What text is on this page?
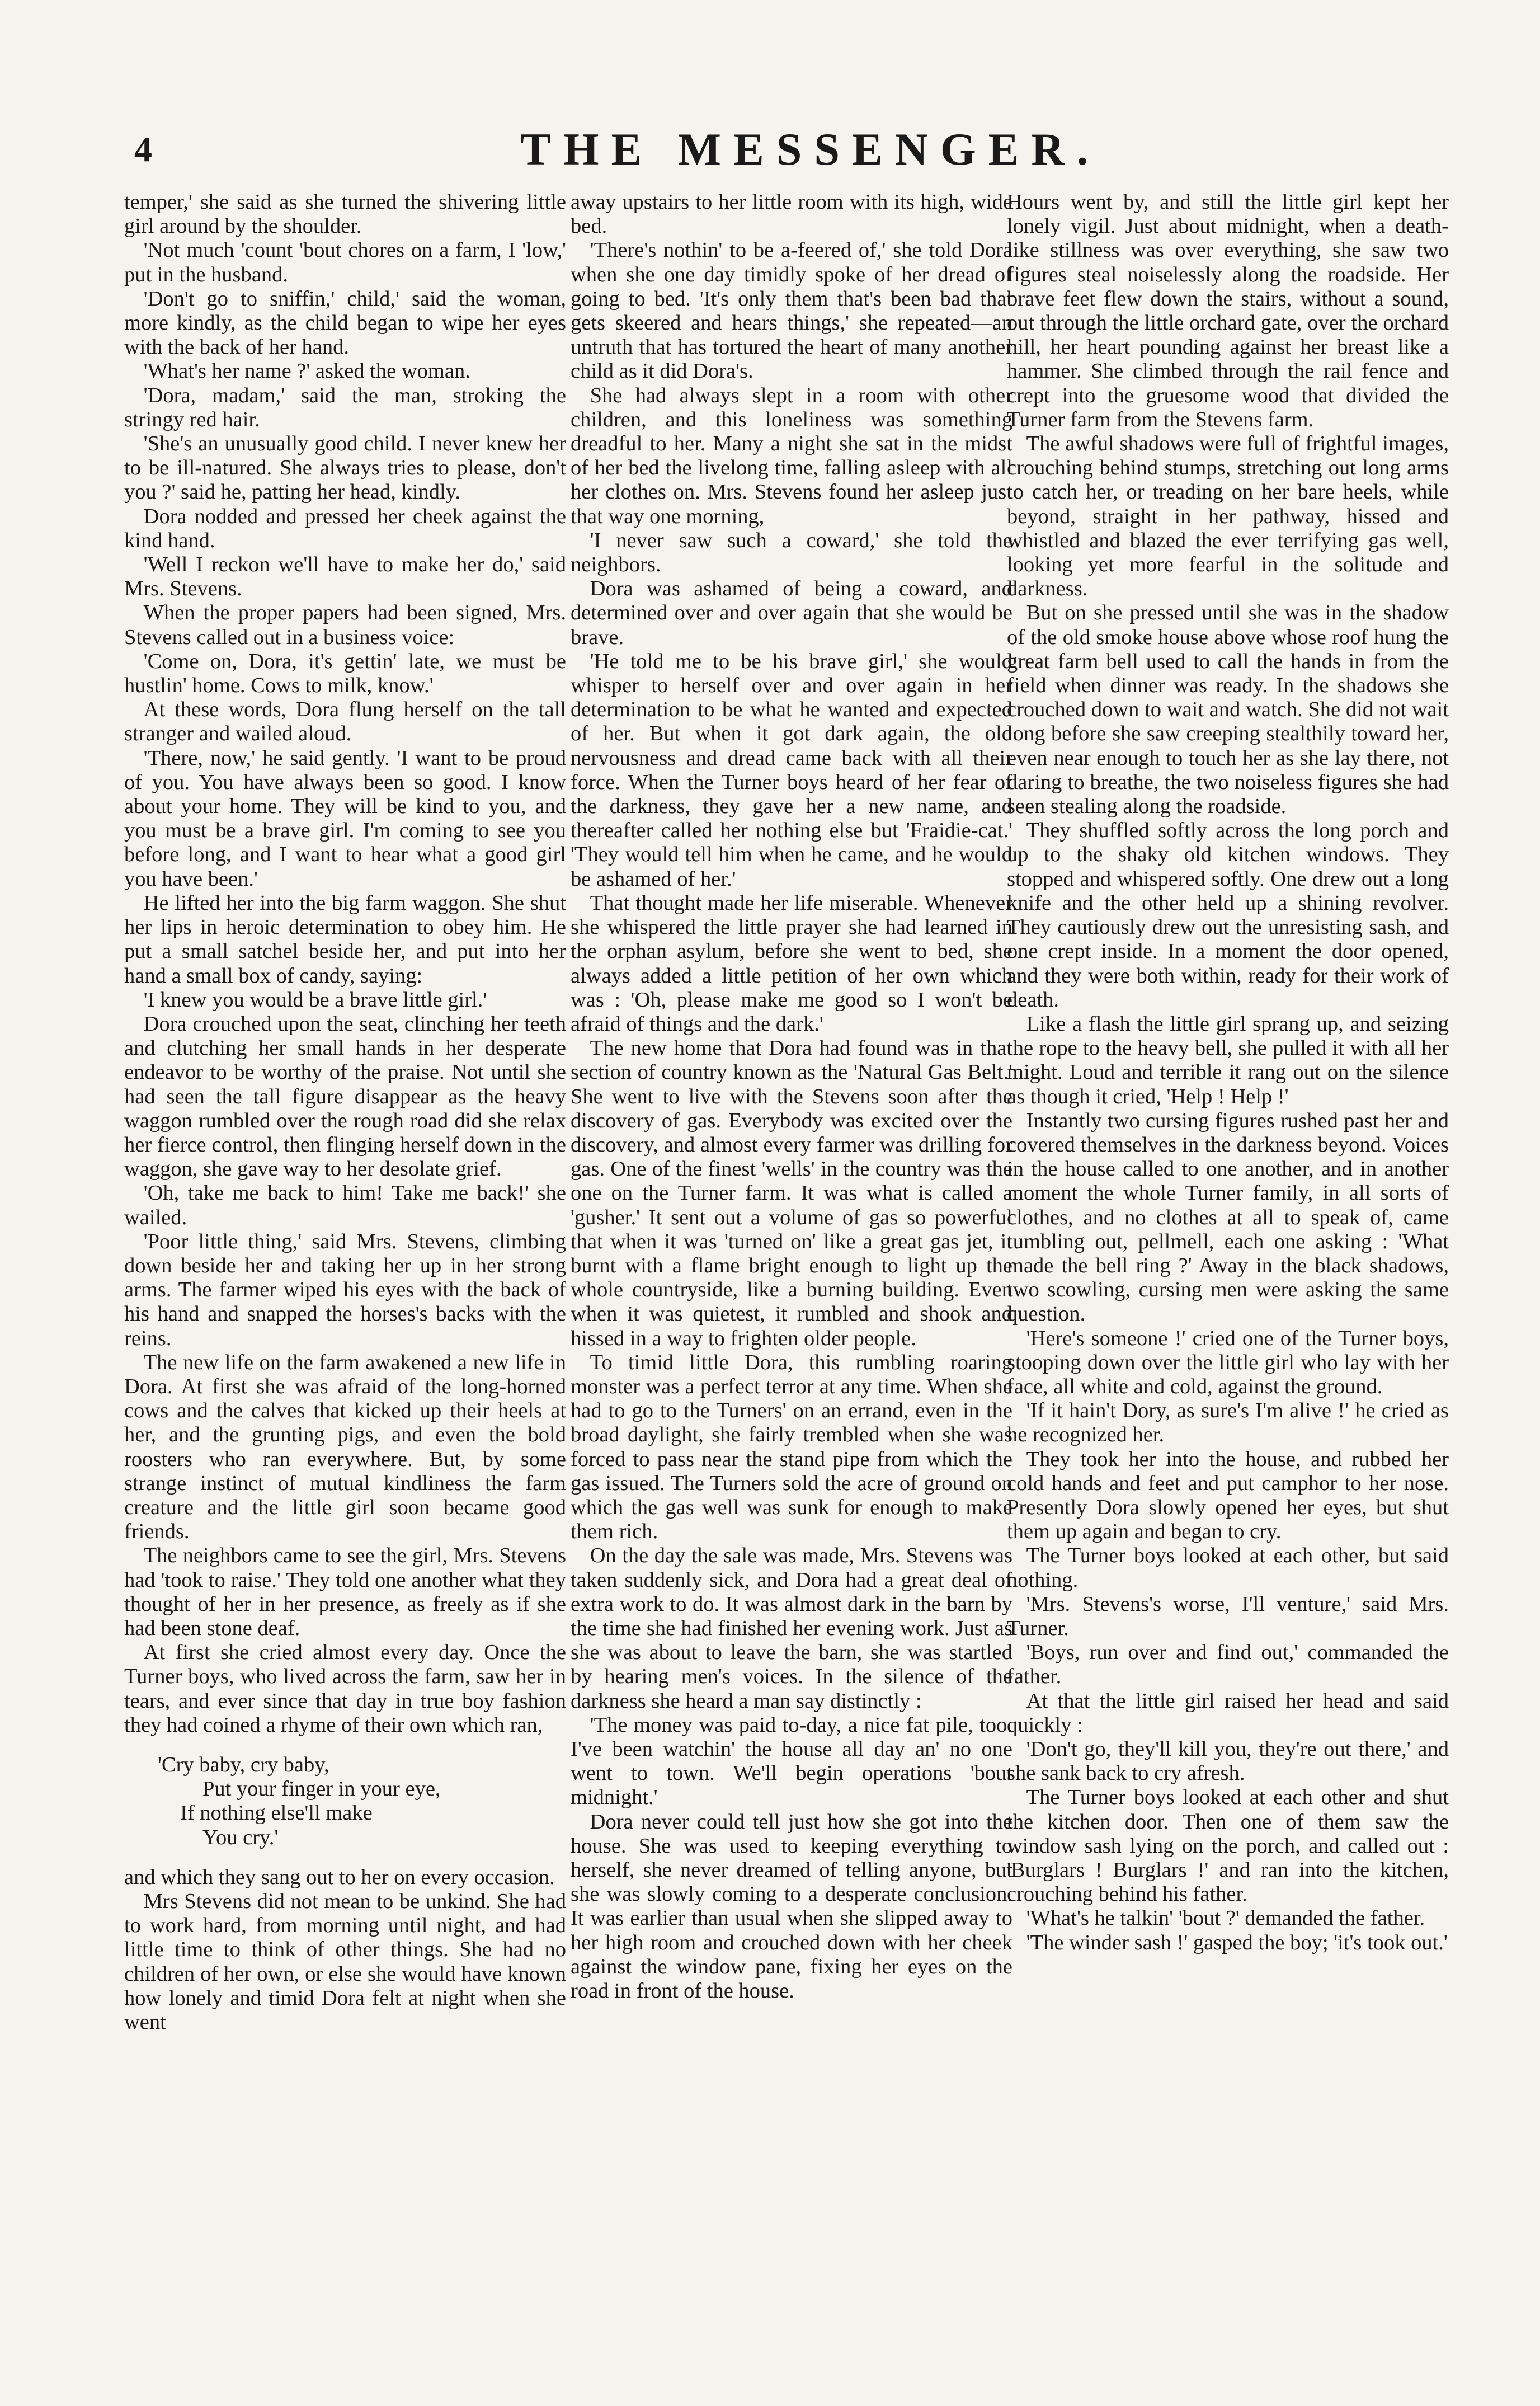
4	THE MESSENGER.

temper,' she said as she turned the shivering little girl around by the shoulder.

'Not much 'count 'bout chores on a farm, I 'low,' put in the husband.

'Don't go to sniffin,' child,' said the woman, more kindly, as the child began to wipe her eyes with the back of her hand.

'What's her name ?' asked the woman.

'Dora, madam,' said the man, stroking the stringy red hair.

'She's an unusually good child. I never knew her to be ill-natured. She always tries to please, don't you ?' said he, patting her head, kindly.

Dora nodded and pressed her cheek against the kind hand.

'Well I reckon we'll have to make her do,' said Mrs. Stevens.

When the proper papers had been signed, Mrs. Stevens called out in a business voice:

'Come on, Dora, it's gettin' late, we must be hustlin' home. Cows to milk, know.'

At these words, Dora flung herself on the tall stranger and wailed aloud.

'There, now,' he said gently. 'I want to be proud of you. You have always been so good. I know about your home. They will be kind to you, and you must be a brave girl. I'm coming to see you before long, and I want to hear what a good girl you have been.'

He lifted her into the big farm waggon. She shut her lips in heroic determination to obey him. He put a small satchel beside her, and put into her hand a small box of candy, saying:

'I knew you would be a brave little girl.'

Dora crouched upon the seat, clinching her teeth and clutching her small hands in her desperate endeavor to be worthy of the praise. Not until she had seen the tall figure disappear as the heavy waggon rumbled over the rough road did she relax her fierce control, then flinging herself down in the waggon, she gave way to her desolate grief.

'Oh, take me back to him! Take me back!' she wailed.

'Poor little thing,' said Mrs. Stevens, climbing down beside her and taking her up in her strong arms. The farmer wiped his eyes with the back of his hand and snapped the horses's backs with the reins.

The new life on the farm awakened a new life in Dora. At first she was afraid of the long-horned cows and the calves that kicked up their heels at her, and the grunting pigs, and even the bold roosters who ran everywhere. But, by some strange instinct of mutual kindliness the farm creature and the little girl soon became good friends.

The neighbors came to see the girl, Mrs. Stevens had 'took to raise.' They told one another what they thought of her in her presence, as freely as if she had been stone deaf.

At first she cried almost every day. Once the Turner boys, who lived across the farm, saw her in tears, and ever since that day in true boy fashion they had coined a rhyme of their own which ran,

'Cry baby, cry baby,
Put your finger in your eye,
If nothing else'll make
You cry.'

and which they sang out to her on every occasion.

Mrs Stevens did not mean to be unkind. She had to work hard, from morning until night, and had little time to think of other things. She had no children of her own, or else she would have known how lonely and timid Dora felt at night when she went

away upstairs to her little room with its high, wide bed.

'There's nothin' to be a-feered of,' she told Dora when she one day timidly spoke of her dread of going to bed. 'It's only them that's been bad that gets skeered and hears things,' she repeated—an untruth that has tortured the heart of many another child as it did Dora's.

She had always slept in a room with other children, and this loneliness was something dreadful to her. Many a night she sat in the midst of her bed the livelong time, falling asleep with all her clothes on. Mrs. Stevens found her asleep just that way one morning,

'I never saw such a coward,' she told the neighbors.

Dora was ashamed of being a coward, and determined over and over again that she would be brave.

'He told me to be his brave girl,' she would whisper to herself over and over again in her determination to be what he wanted and expected of her. But when it got dark again, the old nervousness and dread came back with all their force. When the Turner boys heard of her fear of the darkness, they gave her a new name, and thereafter called her nothing else but 'Fraidie-cat.' 'They would tell him when he came, and he would be ashamed of her.'

That thought made her life miserable. Whenever she whispered the little prayer she had learned in the orphan asylum, before she went to bed, she always added a little petition of her own which was : 'Oh, please make me good so I won't be afraid of things and the dark.'

The new home that Dora had found was in that section of country known as the 'Natural Gas Belt.' She went to live with the Stevens soon after the discovery of gas. Everybody was excited over the discovery, and almost every farmer was drilling for gas. One of the finest 'wells' in the country was the one on the Turner farm. It was what is called a 'gusher.' It sent out a volume of gas so powerful that when it was 'turned on' like a great gas jet, it burnt with a flame bright enough to light up the whole countryside, like a burning building. Even when it was quietest, it rumbled and shook and hissed in a way to frighten older people.

To timid little Dora, this rumbling roaring monster was a perfect terror at any time. When she had to go to the Turners' on an errand, even in the broad daylight, she fairly trembled when she was forced to pass near the stand pipe from which the gas issued. The Turners sold the acre of ground on which the gas well was sunk for enough to make them rich.

On the day the sale was made, Mrs. Stevens was taken suddenly sick, and Dora had a great deal of extra work to do. It was almost dark in the barn by the time she had finished her evening work. Just as she was about to leave the barn, she was startled by hearing men's voices. In the silence of the darkness she heard a man say distinctly :

'The money was paid to-day, a nice fat pile, too. I've been watchin' the house all day an' no one went to town. We'll begin operations 'bout midnight.'

Dora never could tell just how she got into the house. She was used to keeping everything to herself, she never dreamed of telling anyone, but she was slowly coming to a desperate conclusion. It was earlier than usual when she slipped away to her high room and crouched down with her cheek against the window pane, fixing her eyes on the road in front of the house.

Hours went by, and still the little girl kept her lonely vigil. Just about midnight, when a death-like stillness was over everything, she saw two figures steal noiselessly along the roadside. Her brave feet flew down the stairs, without a sound, out through the little orchard gate, over the orchard hill, her heart pounding against her breast like a hammer. She climbed through the rail fence and crept into the gruesome wood that divided the Turner farm from the Stevens farm.

The awful shadows were full of frightful images, crouching behind stumps, stretching out long arms to catch her, or treading on her bare heels, while beyond, straight in her pathway, hissed and whistled and blazed the ever terrifying gas well, looking yet more fearful in the solitude and darkness.

But on she pressed until she was in the shadow of the old smoke house above whose roof hung the great farm bell used to call the hands in from the field when dinner was ready. In the shadows she crouched down to wait and watch. She did not wait long before she saw creeping stealthily toward her, even near enough to touch her as she lay there, not daring to breathe, the two noiseless figures she had seen stealing along the roadside.

They shuffled softly across the long porch and up to the shaky old kitchen windows. They stopped and whispered softly. One drew out a long knife and the other held up a shining revolver. They cautiously drew out the unresisting sash, and one crept inside. In a moment the door opened, and they were both within, ready for their work of death.

Like a flash the little girl sprang up, and seizing the rope to the heavy bell, she pulled it with all her might. Loud and terrible it rang out on the silence as though it cried, 'Help ! Help !'

Instantly two cursing figures rushed past her and covered themselves in the darkness beyond. Voices in the house called to one another, and in another moment the whole Turner family, in all sorts of clothes, and no clothes at all to speak of, came tumbling out, pellmell, each one asking : 'What made the bell ring ?' Away in the black shadows, two scowling, cursing men were asking the same question.

'Here's someone !' cried one of the Turner boys, stooping down over the little girl who lay with her face, all white and cold, against the ground.

'If it hain't Dory, as sure's I'm alive !' he cried as he recognized her.

They took her into the house, and rubbed her cold hands and feet and put camphor to her nose. Presently Dora slowly opened her eyes, but shut them up again and began to cry.

The Turner boys looked at each other, but said nothing.

'Mrs. Stevens's worse, I'll venture,' said Mrs. Turner.

'Boys, run over and find out,' commanded the father.

At that the little girl raised her head and said quickly :

'Don't go, they'll kill you, they're out there,' and she sank back to cry afresh.

The Turner boys looked at each other and shut the kitchen door. Then one of them saw the window sash lying on the porch, and called out : 'Burglars ! Burglars !' and ran into the kitchen, crouching behind his father.

'What's he talkin' 'bout ?' demanded the father.

'The winder sash !' gasped the boy; 'it's took out.'
